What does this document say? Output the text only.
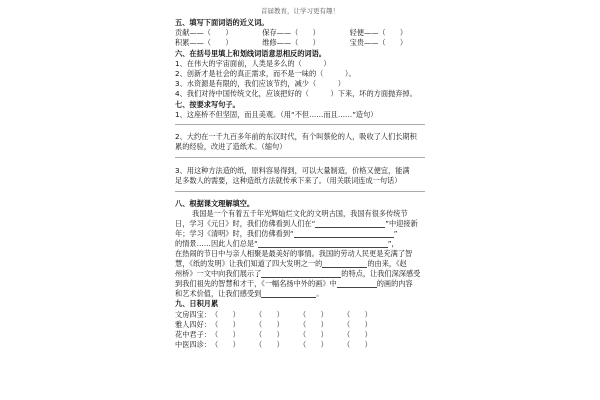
首届教育，让学习更有趣！
五、填写下面词语的近义词。
贡献——（　　）	保存——（　　）	轻便——（　　）
积累——（　　）	维修——（　　）	宝贵——（　　）
六、在括号里填上和划线词语意思相反的词语。
1、在伟大的宇宙面前，人类是多么的（　　　）
2、创新才是社会的真正需求，而不是一味的（　　　）。
3、水资源是有限的，我们应该节约，减少（　　　）
4、我们对待中国传统文化，应该把好的（　　　）下来，坏的方面抛弃掉。
七、按要求写句子。
1、这座桥不但坚固，而且美观。（用“不但……而且……”造句）
2、大约在一千九百多年前的东汉时代，有个叫蔡伦的人，吸收了人们长期积
累的经验，改进了造纸术。（缩句）
3、用这种方法造的纸，原料容易得到，可以大量制造，价格又便宜，能满
足多数人的需要，这种造纸方法就传承下来了。（用关联词连成一句话）
八、根据课文理解填空。
我国是一个有着五千年光辉灿烂文化的文明古国，我国有很多传统节
日，学习《元日》时，我们仿佛看到人们在“	”中迎接新
年；学习《清明》时，我们仿佛看到“	”
的情景……因此人们总是“	”，
在热闹的节日中与亲人相聚是最美好的事情。我国的劳动人民更是充满了智
慧，《纸的发明》让我们知道了四大发明之一的	的由来，《赵
州桥》一文中向我们展示了	的特点，让我们深深感受
到我们祖先的智慧和才干，《一幅名扬中外的画》中	的画的内容
和艺术价值，让我们感受到	。
九、日积月累
文房四宝：（　　） （　　） （　　） （　　）
雅人四好：（　　） （　　） （　　） （　　）
花中君子：（　　） （　　） （　　） （　　）
中医四诊：（　　） （　　） （　　） （　　）
